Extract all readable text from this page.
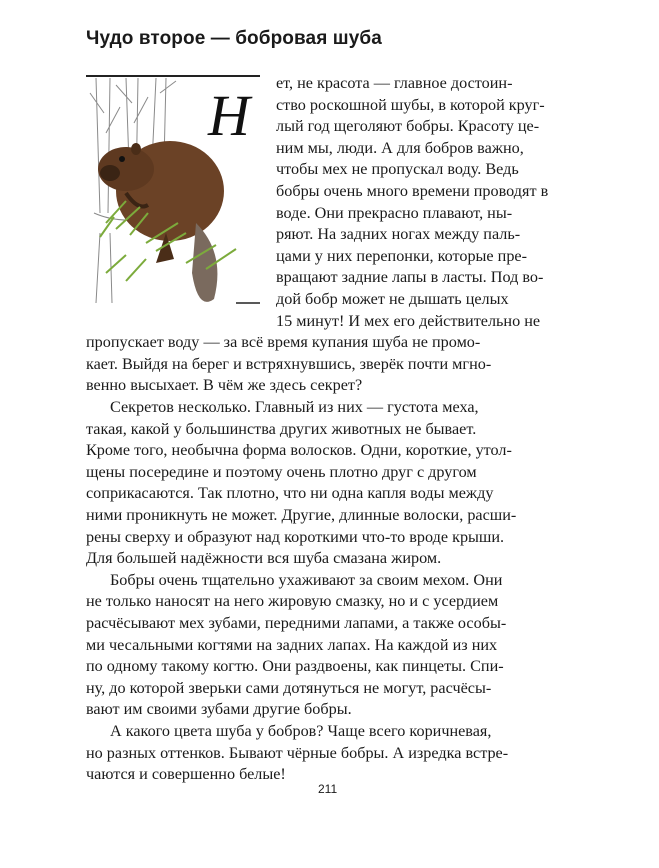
Чудо второе — бобровая шуба
Н ет, не красота — главное достоин-
ство роскошной шубы, в которой круг-
лый год щеголяют бобры. Красоту це-
ним мы, люди. А для бобров важно,
чтобы мех не пропускал воду. Ведь
бобры очень много времени проводят в
воде. Они прекрасно плавают, ны-
ряют. На задних ногах между паль-
цами у них перепонки, которые пре-
вращают задние лапы в ласты. Под во-
дой бобр может не дышать целых
15 минут! И мех его действительно не
пропускает воду — за всё время купания шуба не промо-
кает. Выйдя на берег и встряхнувшись, зверёк почти мгно-
венно высыхает. В чём же здесь секрет?
Секретов несколько. Главный из них — густота меха,
такая, какой у большинства других животных не бывает.
Кроме того, необычна форма волосков. Одни, короткие, утол-
щены посередине и поэтому очень плотно друг с другом
соприкасаются. Так плотно, что ни одна капля воды между
ними проникнуть не может. Другие, длинные волоски, расши-
рены сверху и образуют над короткими что-то вроде крыши.
Для большей надёжности вся шуба смазана жиром.
Бобры очень тщательно ухаживают за своим мехом. Они
не только наносят на него жировую смазку, но и с усердием
расчёсывают мех зубами, передними лапами, а также особы-
ми чесальными когтями на задних лапах. На каждой из них
по одному такому когтю. Они раздвоены, как пинцеты. Спи-
ну, до которой зверьки сами дотянуться не могут, расчёсы-
вают им своими зубами другие бобры.
А какого цвета шуба у бобров? Чаще всего коричневая,
но разных оттенков. Бывают чёрные бобры. А изредка встре-
чаются и совершенно белые!
211
